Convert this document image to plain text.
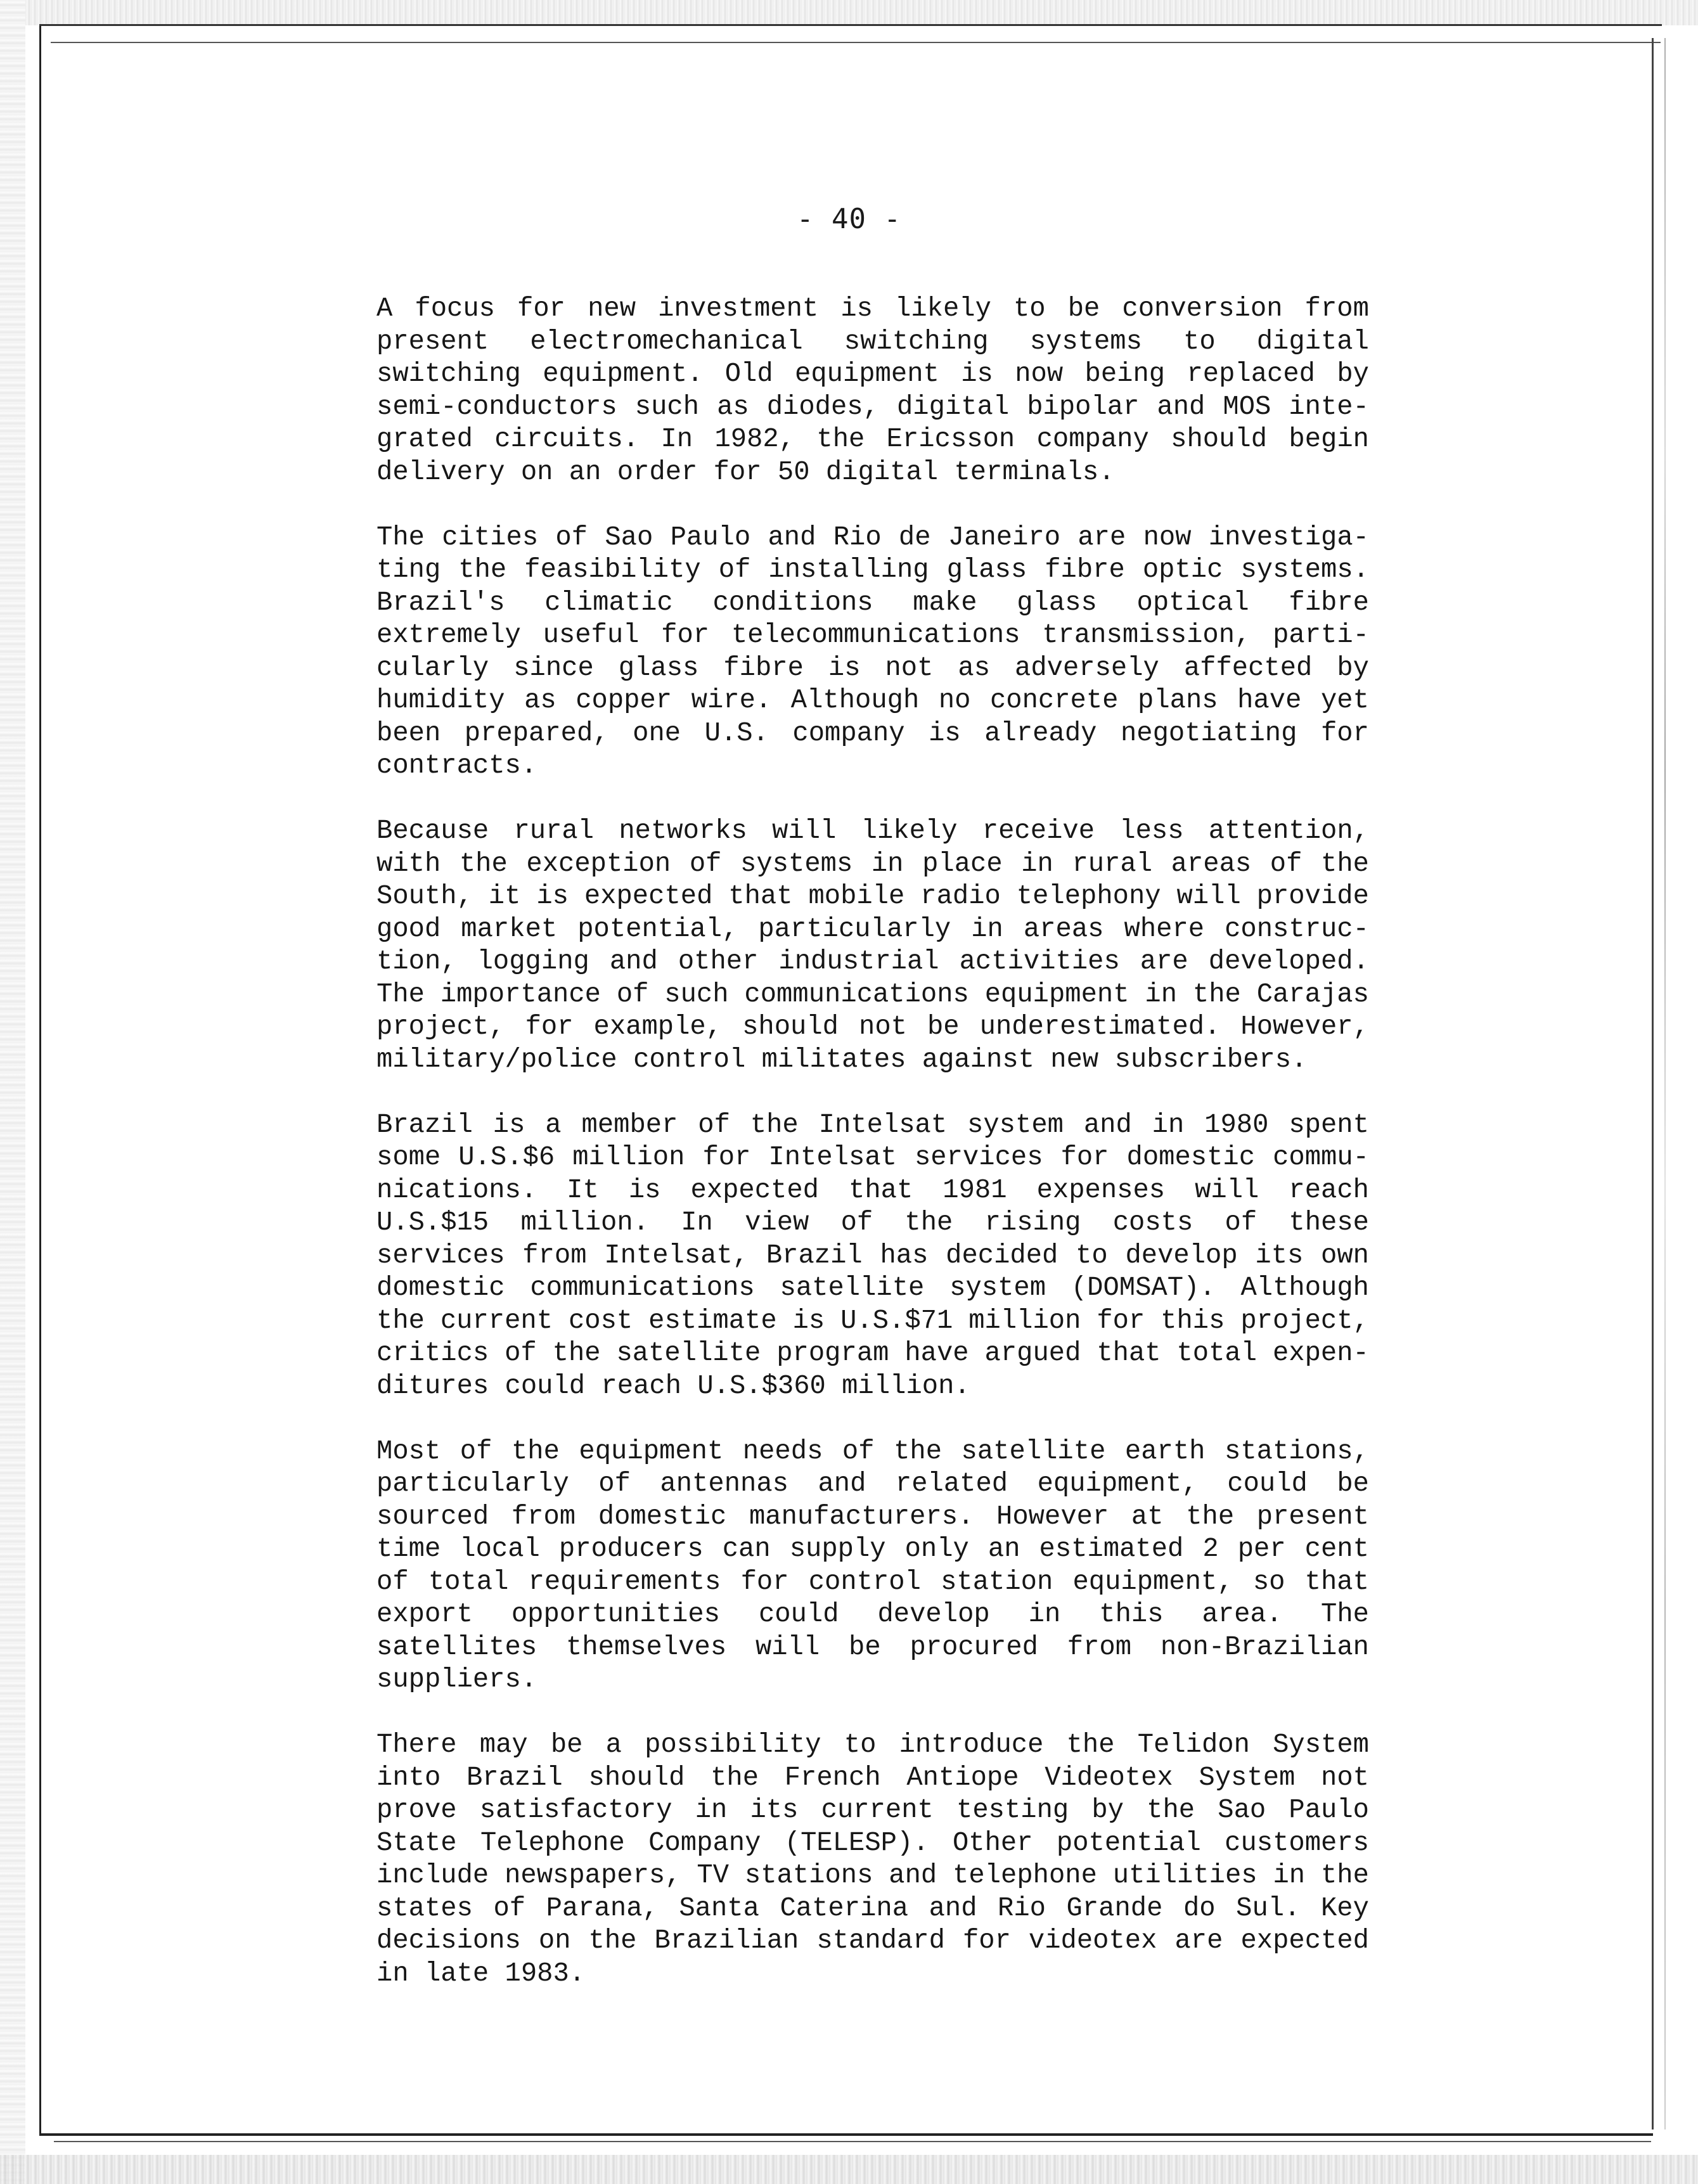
- 40 -
A focus for new investment is likely to be conversion from
present electromechanical switching systems to digital
switching equipment. Old equipment is now being replaced by
semi-conductors such as diodes, digital bipolar and MOS inte-
grated circuits. In 1982, the Ericsson company should begin
delivery on an order for 50 digital terminals.
The cities of Sao Paulo and Rio de Janeiro are now investiga-
ting the feasibility of installing glass fibre optic systems.
Brazil's climatic conditions make glass optical fibre
extremely useful for telecommunications transmission, parti-
cularly since glass fibre is not as adversely affected by
humidity as copper wire. Although no concrete plans have yet
been prepared, one U.S. company is already negotiating for
contracts.
Because rural networks will likely receive less attention,
with the exception of systems in place in rural areas of the
South, it is expected that mobile radio telephony will provide
good market potential, particularly in areas where construc-
tion, logging and other industrial activities are developed.
The importance of such communications equipment in the Carajas
project, for example, should not be underestimated. However,
military/police control militates against new subscribers.
Brazil is a member of the Intelsat system and in 1980 spent
some U.S.$6 million for Intelsat services for domestic commu-
nications. It is expected that 1981 expenses will reach
U.S.$15 million. In view of the rising costs of these
services from Intelsat, Brazil has decided to develop its own
domestic communications satellite system (DOMSAT). Although
the current cost estimate is U.S.$71 million for this project,
critics of the satellite program have argued that total expen-
ditures could reach U.S.$360 million.
Most of the equipment needs of the satellite earth stations,
particularly of antennas and related equipment, could be
sourced from domestic manufacturers. However at the present
time local producers can supply only an estimated 2 per cent
of total requirements for control station equipment, so that
export opportunities could develop in this area. The
satellites themselves will be procured from non-Brazilian
suppliers.
There may be a possibility to introduce the Telidon System
into Brazil should the French Antiope Videotex System not
prove satisfactory in its current testing by the Sao Paulo
State Telephone Company (TELESP). Other potential customers
include newspapers, TV stations and telephone utilities in the
states of Parana, Santa Caterina and Rio Grande do Sul. Key
decisions on the Brazilian standard for videotex are expected
in late 1983.
